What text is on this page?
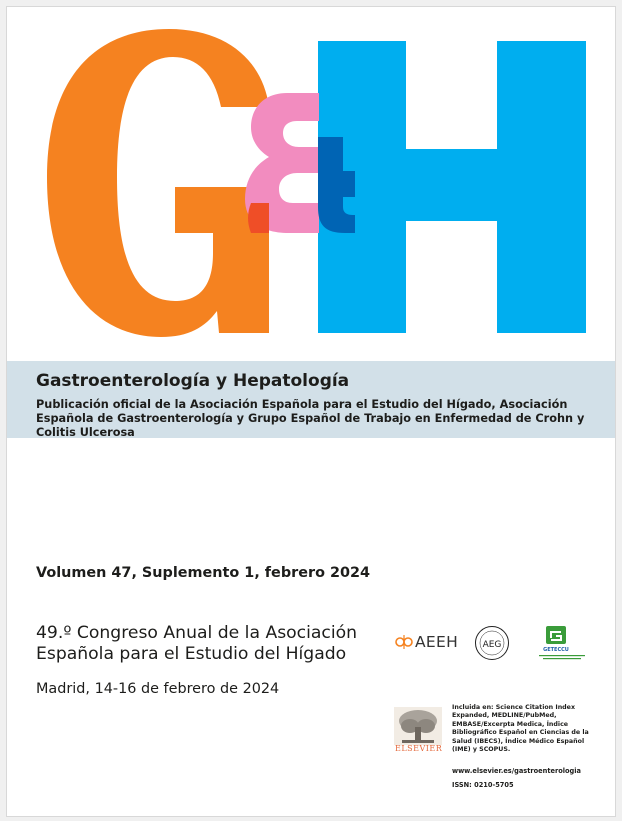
Gastroenterología y Hepatología
Publicación oficial de la Asociación Española para el Estudio del Hígado, Asociación Española de Gastroenterología y Grupo Español de Trabajo en Enfermedad de Crohn y Colitis Ulcerosa
Volumen 47, Suplemento 1, febrero 2024
49.º Congreso Anual de la Asociación Española para el Estudio del Hígado
Madrid, 14-16 de febrero de 2024
AEEH	AEG	GETECCU
ELSEVIER
Incluida en: Science Citation Index Expanded, MEDLINE/PubMed, EMBASE/Excerpta Medica, Índice Bibliográfico Español en Ciencias de la Salud (IBECS), Índice Médico Español (IME) y SCOPUS.
www.elsevier.es/gastroenterologia
ISSN: 0210-5705
